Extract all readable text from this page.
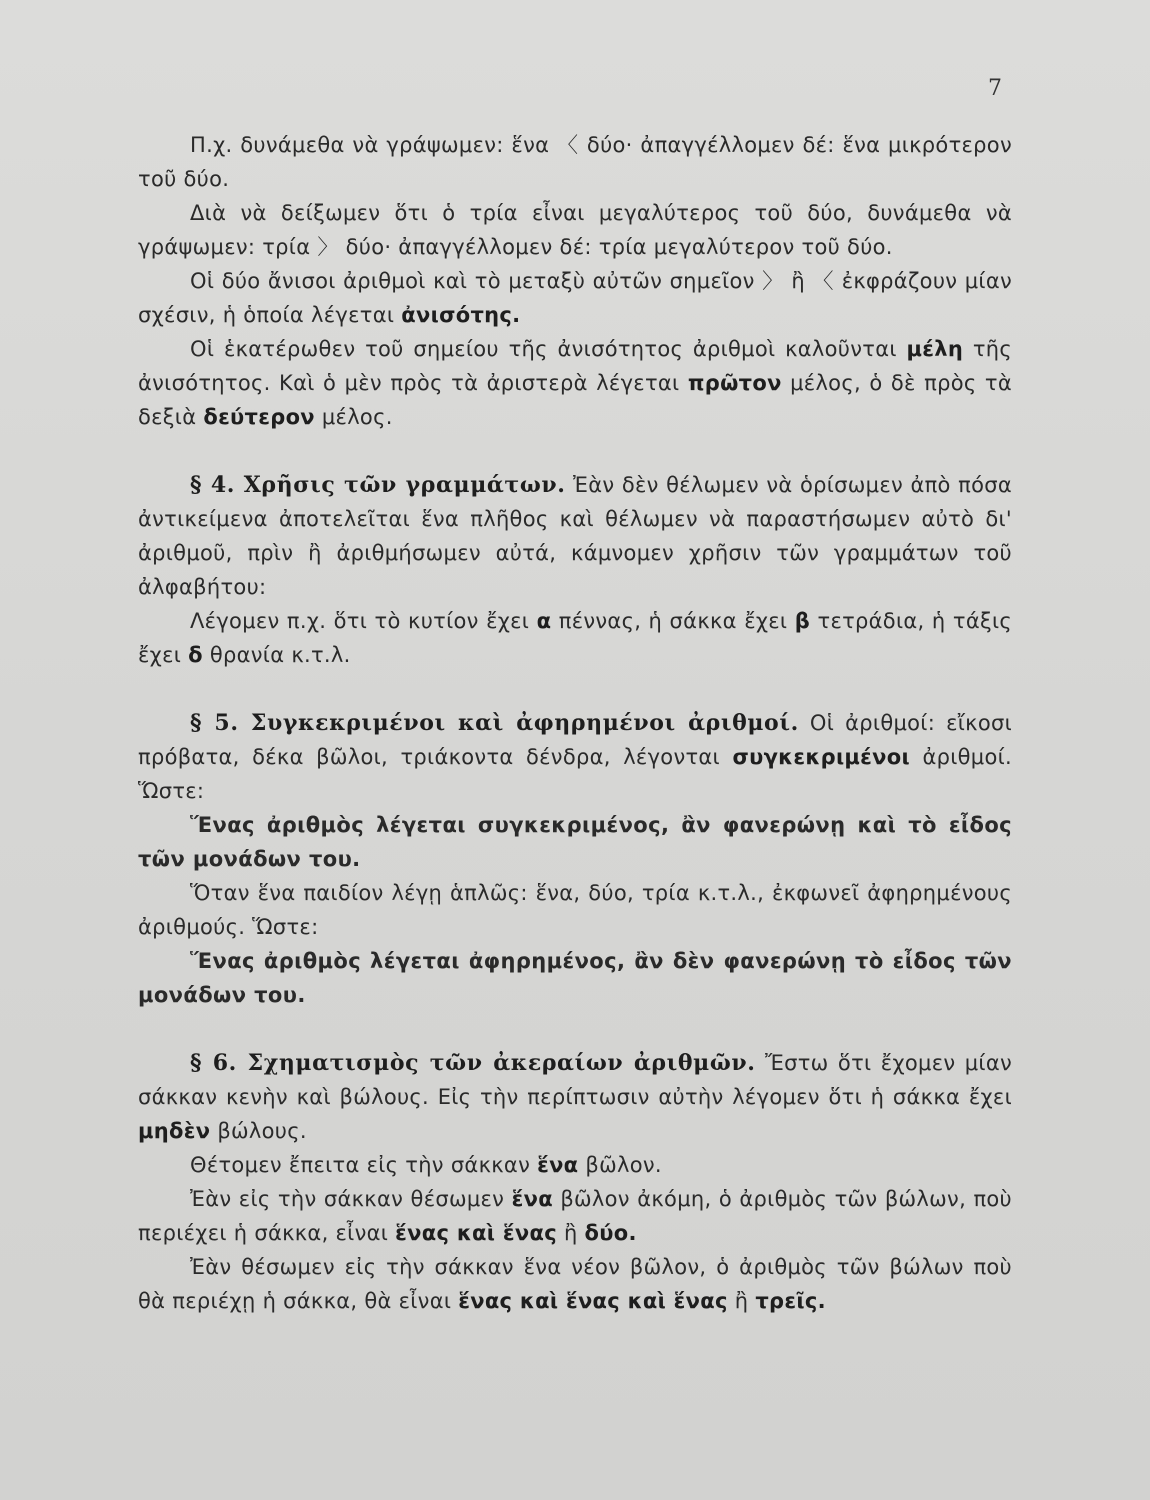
7

Π.χ. δυνάμεθα νὰ γράψωμεν: ἕνα 〈 δύο· ἀπαγγέλλομεν δέ: ἕνα μικρότερον τοῦ δύο.

Διὰ νὰ δείξωμεν ὅτι ὁ τρία εἶναι μεγαλύτερος τοῦ δύο, δυνάμεθα νὰ γράψωμεν: τρία 〉 δύο· ἀπαγγέλλομεν δέ: τρία μεγαλύτερον τοῦ δύο.

Οἱ δύο ἄνισοι ἀριθμοὶ καὶ τὸ μεταξὺ αὐτῶν σημεῖον 〉 ἢ 〈 ἐκφράζουν μίαν σχέσιν, ἡ ὁποία λέγεται ἀνισότης.

Οἱ ἑκατέρωθεν τοῦ σημείου τῆς ἀνισότητος ἀριθμοὶ καλοῦνται μέλη τῆς ἀνισότητος. Καὶ ὁ μὲν πρὸς τὰ ἀριστερὰ λέγεται πρῶτον μέλος, ὁ δὲ πρὸς τὰ δεξιὰ δεύτερον μέλος.

§ 4. Χρῆσις τῶν γραμμάτων. Ἐὰν δὲν θέλωμεν νὰ ὁρίσωμεν ἀπὸ πόσα ἀντικείμενα ἀποτελεῖται ἕνα πλῆθος καὶ θέλωμεν νὰ παραστήσωμεν αὐτὸ δι' ἀριθμοῦ, πρὶν ἢ ἀριθμήσωμεν αὐτά, κάμνομεν χρῆσιν τῶν γραμμάτων τοῦ ἀλφαβήτου:

Λέγομεν π.χ. ὅτι τὸ κυτίον ἔχει α πέννας, ἡ σάκκα ἔχει β τετράδια, ἡ τάξις ἔχει δ θρανία κ.τ.λ.

§ 5. Συγκεκριμένοι καὶ ἀφηρημένοι ἀριθμοί. Οἱ ἀριθμοί: εἴκοσι πρόβατα, δέκα βῶλοι, τριάκοντα δένδρα, λέγονται συγκεκριμένοι ἀριθμοί. Ὥστε:

Ἕνας ἀριθμὸς λέγεται συγκεκριμένος, ἂν φανερώνῃ καὶ τὸ εἶδος τῶν μονάδων του.

Ὅταν ἕνα παιδίον λέγῃ ἁπλῶς: ἕνα, δύο, τρία κ.τ.λ., ἐκφωνεῖ ἀφηρημένους ἀριθμούς. Ὥστε:

Ἕνας ἀριθμὸς λέγεται ἀφηρημένος, ἂν δὲν φανερώνῃ τὸ εἶδος τῶν μονάδων του.

§ 6. Σχηματισμὸς τῶν ἀκεραίων ἀριθμῶν. Ἔστω ὅτι ἔχομεν μίαν σάκκαν κενὴν καὶ βώλους. Εἰς τὴν περίπτωσιν αὐτὴν λέγομεν ὅτι ἡ σάκκα ἔχει μηδὲν βώλους.

Θέτομεν ἔπειτα εἰς τὴν σάκκαν ἕνα βῶλον.

Ἐὰν εἰς τὴν σάκκαν θέσωμεν ἕνα βῶλον ἀκόμη, ὁ ἀριθμὸς τῶν βώλων, ποὺ περιέχει ἡ σάκκα, εἶναι ἕνας καὶ ἕνας ἢ δύο.

Ἐὰν θέσωμεν εἰς τὴν σάκκαν ἕνα νέον βῶλον, ὁ ἀριθμὸς τῶν βώλων ποὺ θὰ περιέχῃ ἡ σάκκα, θὰ εἶναι ἕνας καὶ ἕνας καὶ ἕνας ἢ τρεῖς.
